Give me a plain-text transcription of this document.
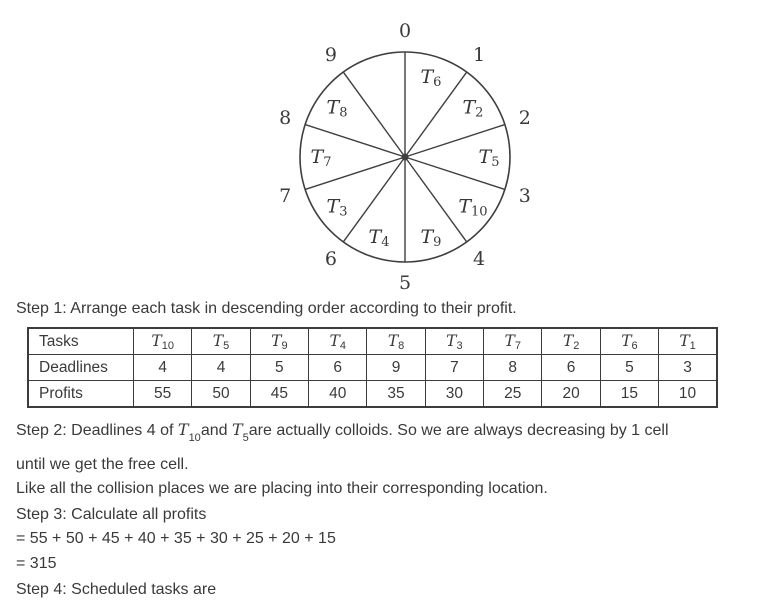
0
1
2
3
4
5
6
7
8
9
$T_6$
$T_2$
$T_5$
$T_{10}$
$T_9$
$T_4$
$T_3$
$T_7$
$T_8$

Step 1: Arrange each task in descending order according to their profit.

Tasks	$T_{10}$	$T_5$	$T_9$	$T_4$	$T_8$	$T_3$	$T_7$	$T_2$	$T_6$	$T_1$
Deadlines	4	4	5	6	9	7	8	6	5	3
Profits	55	50	45	40	35	30	25	20	15	10

Step 2: Deadlines 4 of $T_{10}and$ $T_5are$ actually colloids. So we are always decreasing by 1 cell

until we get the free cell.

Like all the collision places we are placing into their corresponding location.

Step 3: Calculate all profits

= 55 + 50 + 45 + 40 + 35 + 30 + 25 + 20 + 15

= 315

Step 4: Scheduled tasks are
